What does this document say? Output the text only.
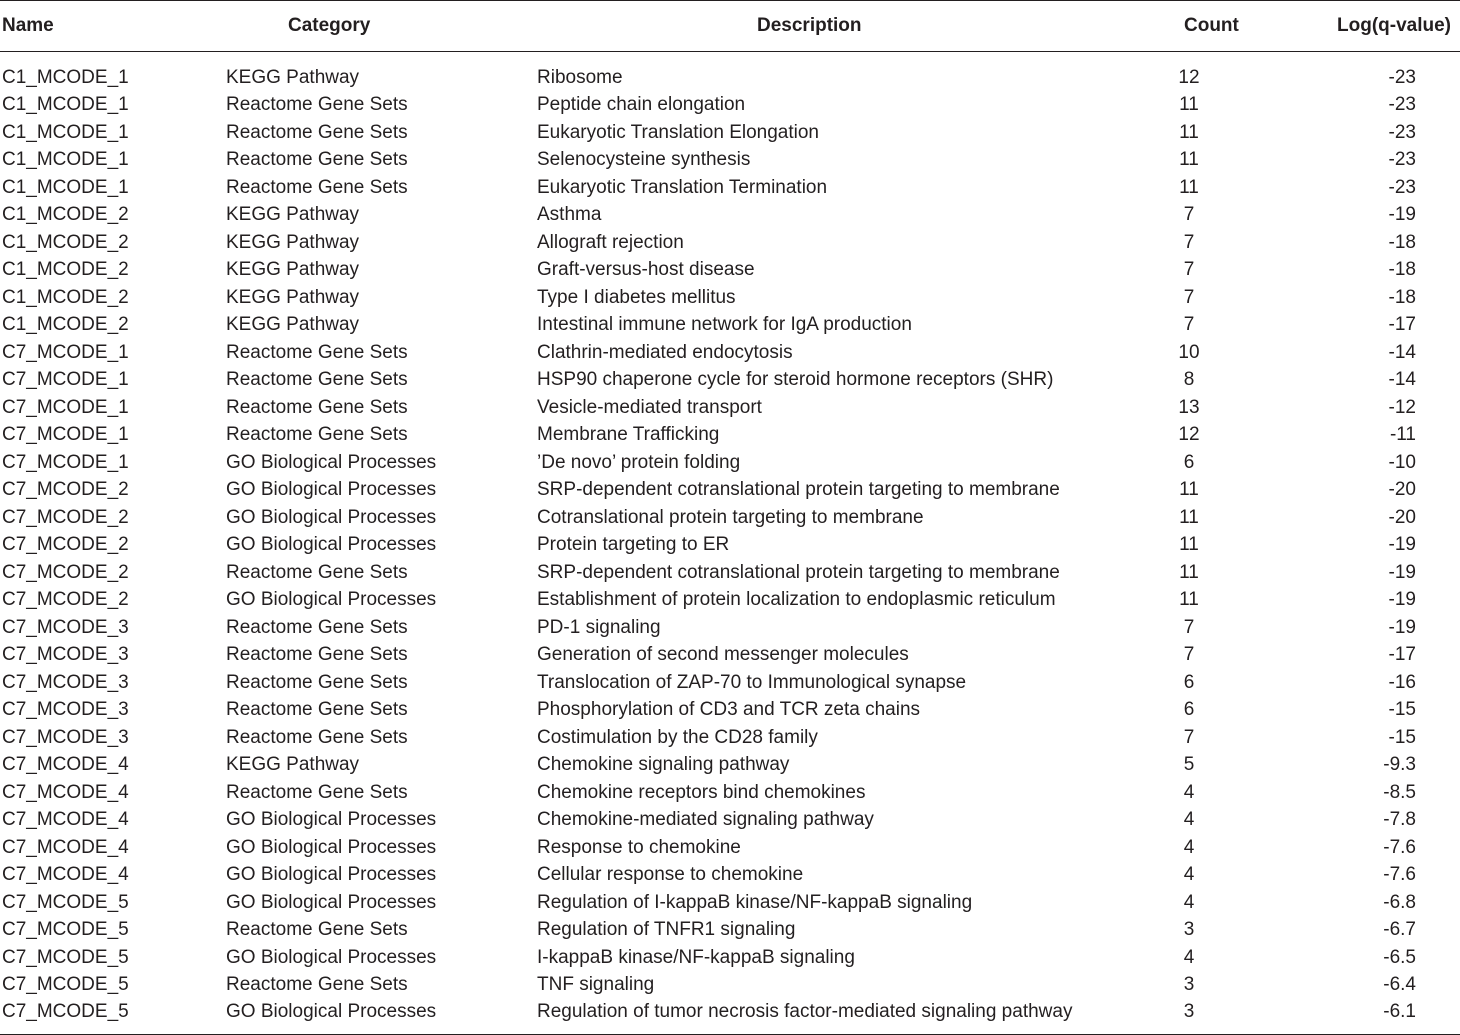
Name	Category	Description	Count	Log(q-value)

C1_MCODE_1	KEGG Pathway	Ribosome	12	-23
C1_MCODE_1	Reactome Gene Sets	Peptide chain elongation	11	-23
C1_MCODE_1	Reactome Gene Sets	Eukaryotic Translation Elongation	11	-23
C1_MCODE_1	Reactome Gene Sets	Selenocysteine synthesis	11	-23
C1_MCODE_1	Reactome Gene Sets	Eukaryotic Translation Termination	11	-23
C1_MCODE_2	KEGG Pathway	Asthma	7	-19
C1_MCODE_2	KEGG Pathway	Allograft rejection	7	-18
C1_MCODE_2	KEGG Pathway	Graft-versus-host disease	7	-18
C1_MCODE_2	KEGG Pathway	Type I diabetes mellitus	7	-18
C1_MCODE_2	KEGG Pathway	Intestinal immune network for IgA production	7	-17
C7_MCODE_1	Reactome Gene Sets	Clathrin-mediated endocytosis	10	-14
C7_MCODE_1	Reactome Gene Sets	HSP90 chaperone cycle for steroid hormone receptors (SHR)	8	-14
C7_MCODE_1	Reactome Gene Sets	Vesicle-mediated transport	13	-12
C7_MCODE_1	Reactome Gene Sets	Membrane Trafficking	12	-11
C7_MCODE_1	GO Biological Processes	’De novo’ protein folding	6	-10
C7_MCODE_2	GO Biological Processes	SRP-dependent cotranslational protein targeting to membrane	11	-20
C7_MCODE_2	GO Biological Processes	Cotranslational protein targeting to membrane	11	-20
C7_MCODE_2	GO Biological Processes	Protein targeting to ER	11	-19
C7_MCODE_2	Reactome Gene Sets	SRP-dependent cotranslational protein targeting to membrane	11	-19
C7_MCODE_2	GO Biological Processes	Establishment of protein localization to endoplasmic reticulum	11	-19
C7_MCODE_3	Reactome Gene Sets	PD-1 signaling	7	-19
C7_MCODE_3	Reactome Gene Sets	Generation of second messenger molecules	7	-17
C7_MCODE_3	Reactome Gene Sets	Translocation of ZAP-70 to Immunological synapse	6	-16
C7_MCODE_3	Reactome Gene Sets	Phosphorylation of CD3 and TCR zeta chains	6	-15
C7_MCODE_3	Reactome Gene Sets	Costimulation by the CD28 family	7	-15
C7_MCODE_4	KEGG Pathway	Chemokine signaling pathway	5	-9.3
C7_MCODE_4	Reactome Gene Sets	Chemokine receptors bind chemokines	4	-8.5
C7_MCODE_4	GO Biological Processes	Chemokine-mediated signaling pathway	4	-7.8
C7_MCODE_4	GO Biological Processes	Response to chemokine	4	-7.6
C7_MCODE_4	GO Biological Processes	Cellular response to chemokine	4	-7.6
C7_MCODE_5	GO Biological Processes	Regulation of I-kappaB kinase/NF-kappaB signaling	4	-6.8
C7_MCODE_5	Reactome Gene Sets	Regulation of TNFR1 signaling	3	-6.7
C7_MCODE_5	GO Biological Processes	I-kappaB kinase/NF-kappaB signaling	4	-6.5
C7_MCODE_5	Reactome Gene Sets	TNF signaling	3	-6.4
C7_MCODE_5	GO Biological Processes	Regulation of tumor necrosis factor-mediated signaling pathway	3	-6.1
